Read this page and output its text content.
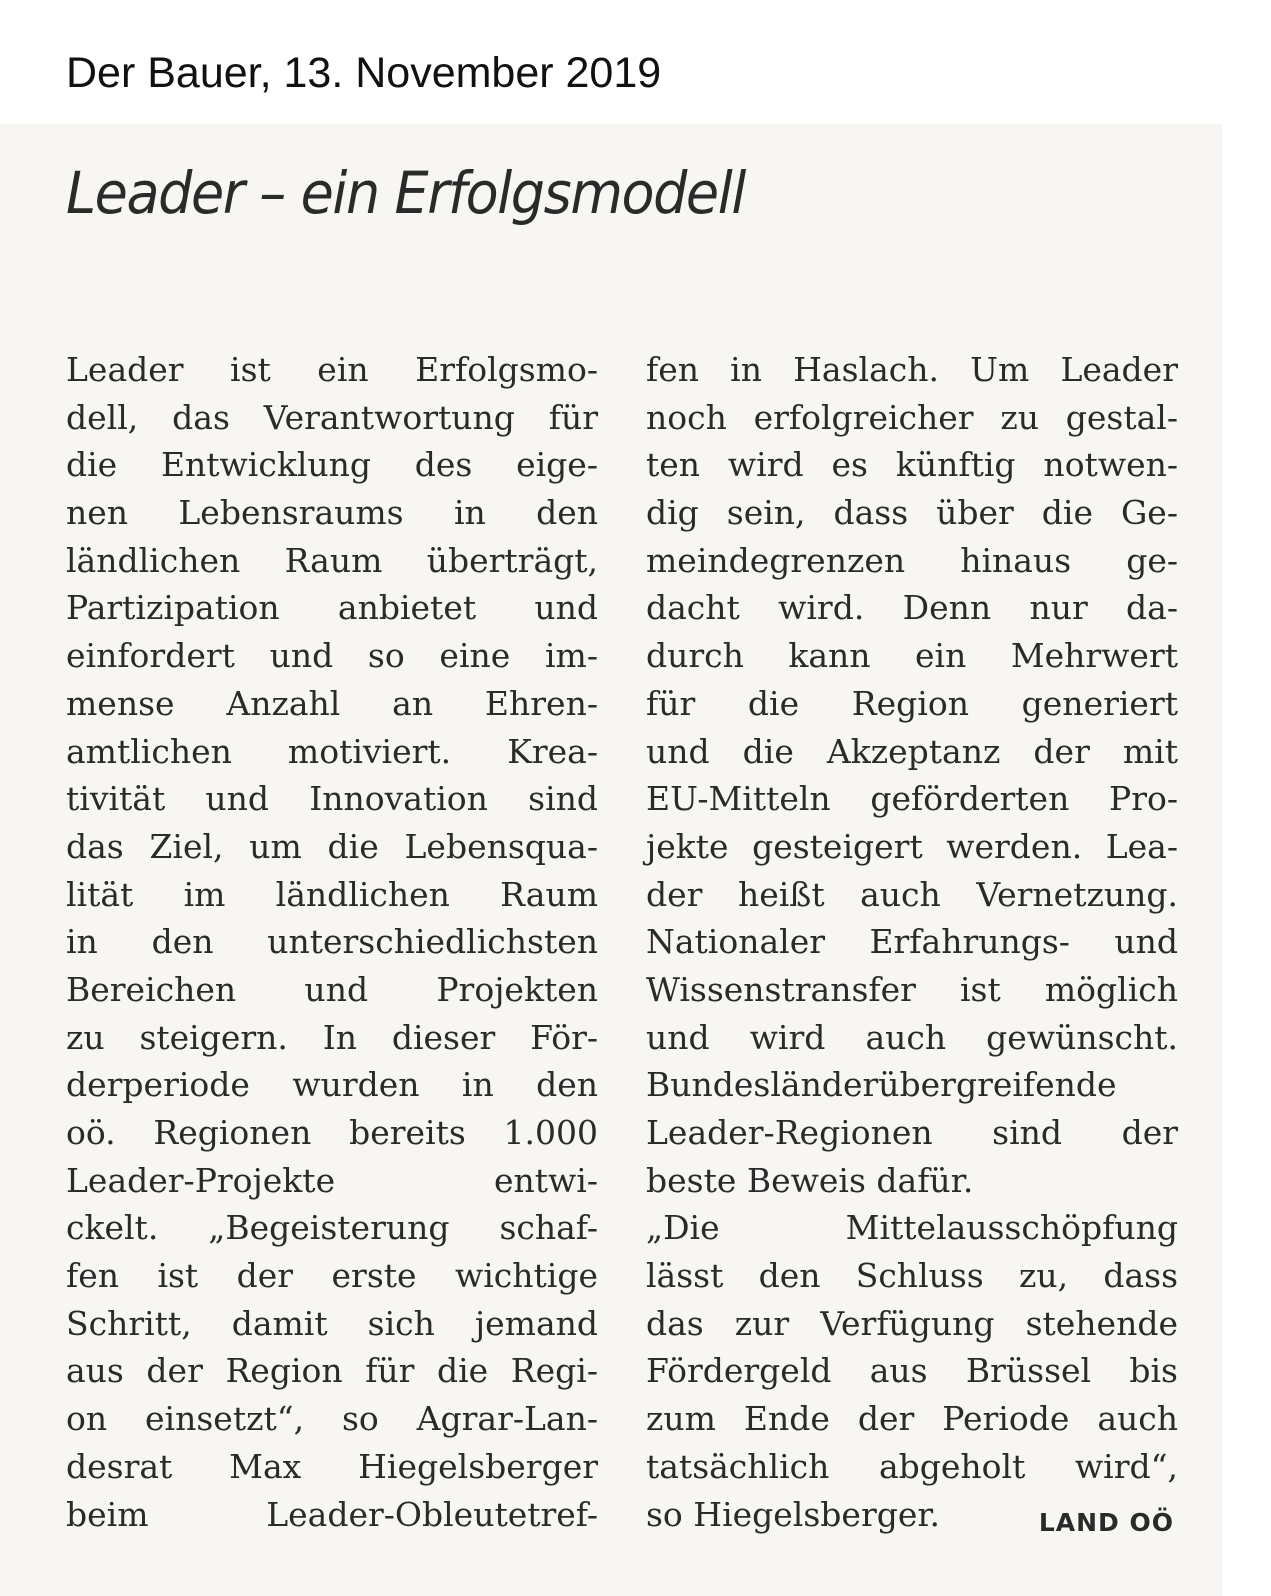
Der Bauer, 13. November 2019
Leader – ein Erfolgsmodell
Leader ist ein Erfolgsmo-
dell, das Verantwortung für
die Entwicklung des eige-
nen Lebensraums in den
ländlichen Raum überträgt,
Partizipation anbietet und
einfordert und so eine im-
mense Anzahl an Ehren-
amtlichen motiviert. Krea-
tivität und Innovation sind
das Ziel, um die Lebensqua-
lität im ländlichen Raum
in den unterschiedlichsten
Bereichen und Projekten
zu steigern. In dieser För-
derperiode wurden in den
oö. Regionen bereits 1.000
Leader-Projekte entwi-
ckelt. „Begeisterung schaf-
fen ist der erste wichtige
Schritt, damit sich jemand
aus der Region für die Regi-
on einsetzt“, so Agrar-Lan-
desrat Max Hiegelsberger
beim Leader-Obleutetref-
fen in Haslach. Um Leader
noch erfolgreicher zu gestal-
ten wird es künftig notwen-
dig sein, dass über die Ge-
meindegrenzen hinaus ge-
dacht wird. Denn nur da-
durch kann ein Mehrwert
für die Region generiert
und die Akzeptanz der mit
EU-Mitteln geförderten Pro-
jekte gesteigert werden. Lea-
der heißt auch Vernetzung.
Nationaler Erfahrungs- und
Wissenstransfer ist möglich
und wird auch gewünscht.
Bundesländerübergreifende
Leader-Regionen sind der
beste Beweis dafür.
„Die Mittelausschöpfung
lässt den Schluss zu, dass
das zur Verfügung stehende
Fördergeld aus Brüssel bis
zum Ende der Periode auch
tatsächlich abgeholt wird“,
so Hiegelsberger.	LAND OÖ
